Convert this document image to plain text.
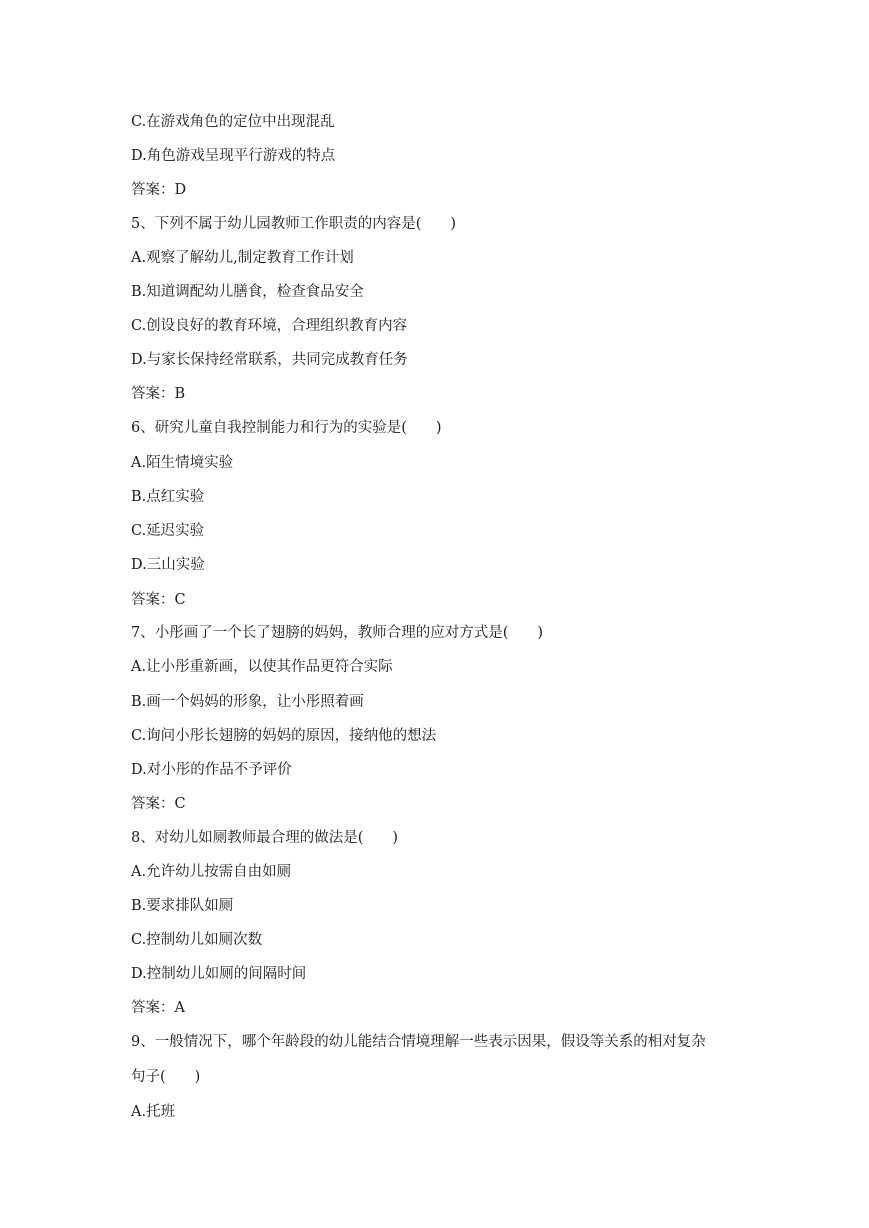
C.在游戏角色的定位中出现混乱
D.角色游戏呈现平行游戏的特点
答案：D
5、下列不属于幼儿园教师工作职责的内容是(　　)
A.观察了解幼儿,制定教育工作计划
B.知道调配幼儿膳食，检查食品安全
C.创设良好的教育环境，合理组织教育内容
D.与家长保持经常联系，共同完成教育任务
答案：B
6、研究儿童自我控制能力和行为的实验是(　　)
A.陌生情境实验
B.点红实验
C.延迟实验
D.三山实验
答案：C
7、小彤画了一个长了翅膀的妈妈，教师合理的应对方式是(　　)
A.让小彤重新画，以使其作品更符合实际
B.画一个妈妈的形象，让小彤照着画
C.询问小彤长翅膀的妈妈的原因，接纳他的想法
D.对小彤的作品不予评价
答案：C
8、对幼儿如厕教师最合理的做法是(　　)
A.允许幼儿按需自由如厕
B.要求排队如厕
C.控制幼儿如厕次数
D.控制幼儿如厕的间隔时间
答案：A
9、一般情况下，哪个年龄段的幼儿能结合情境理解一些表示因果，假设等关系的相对复杂
句子(　　)
A.托班
